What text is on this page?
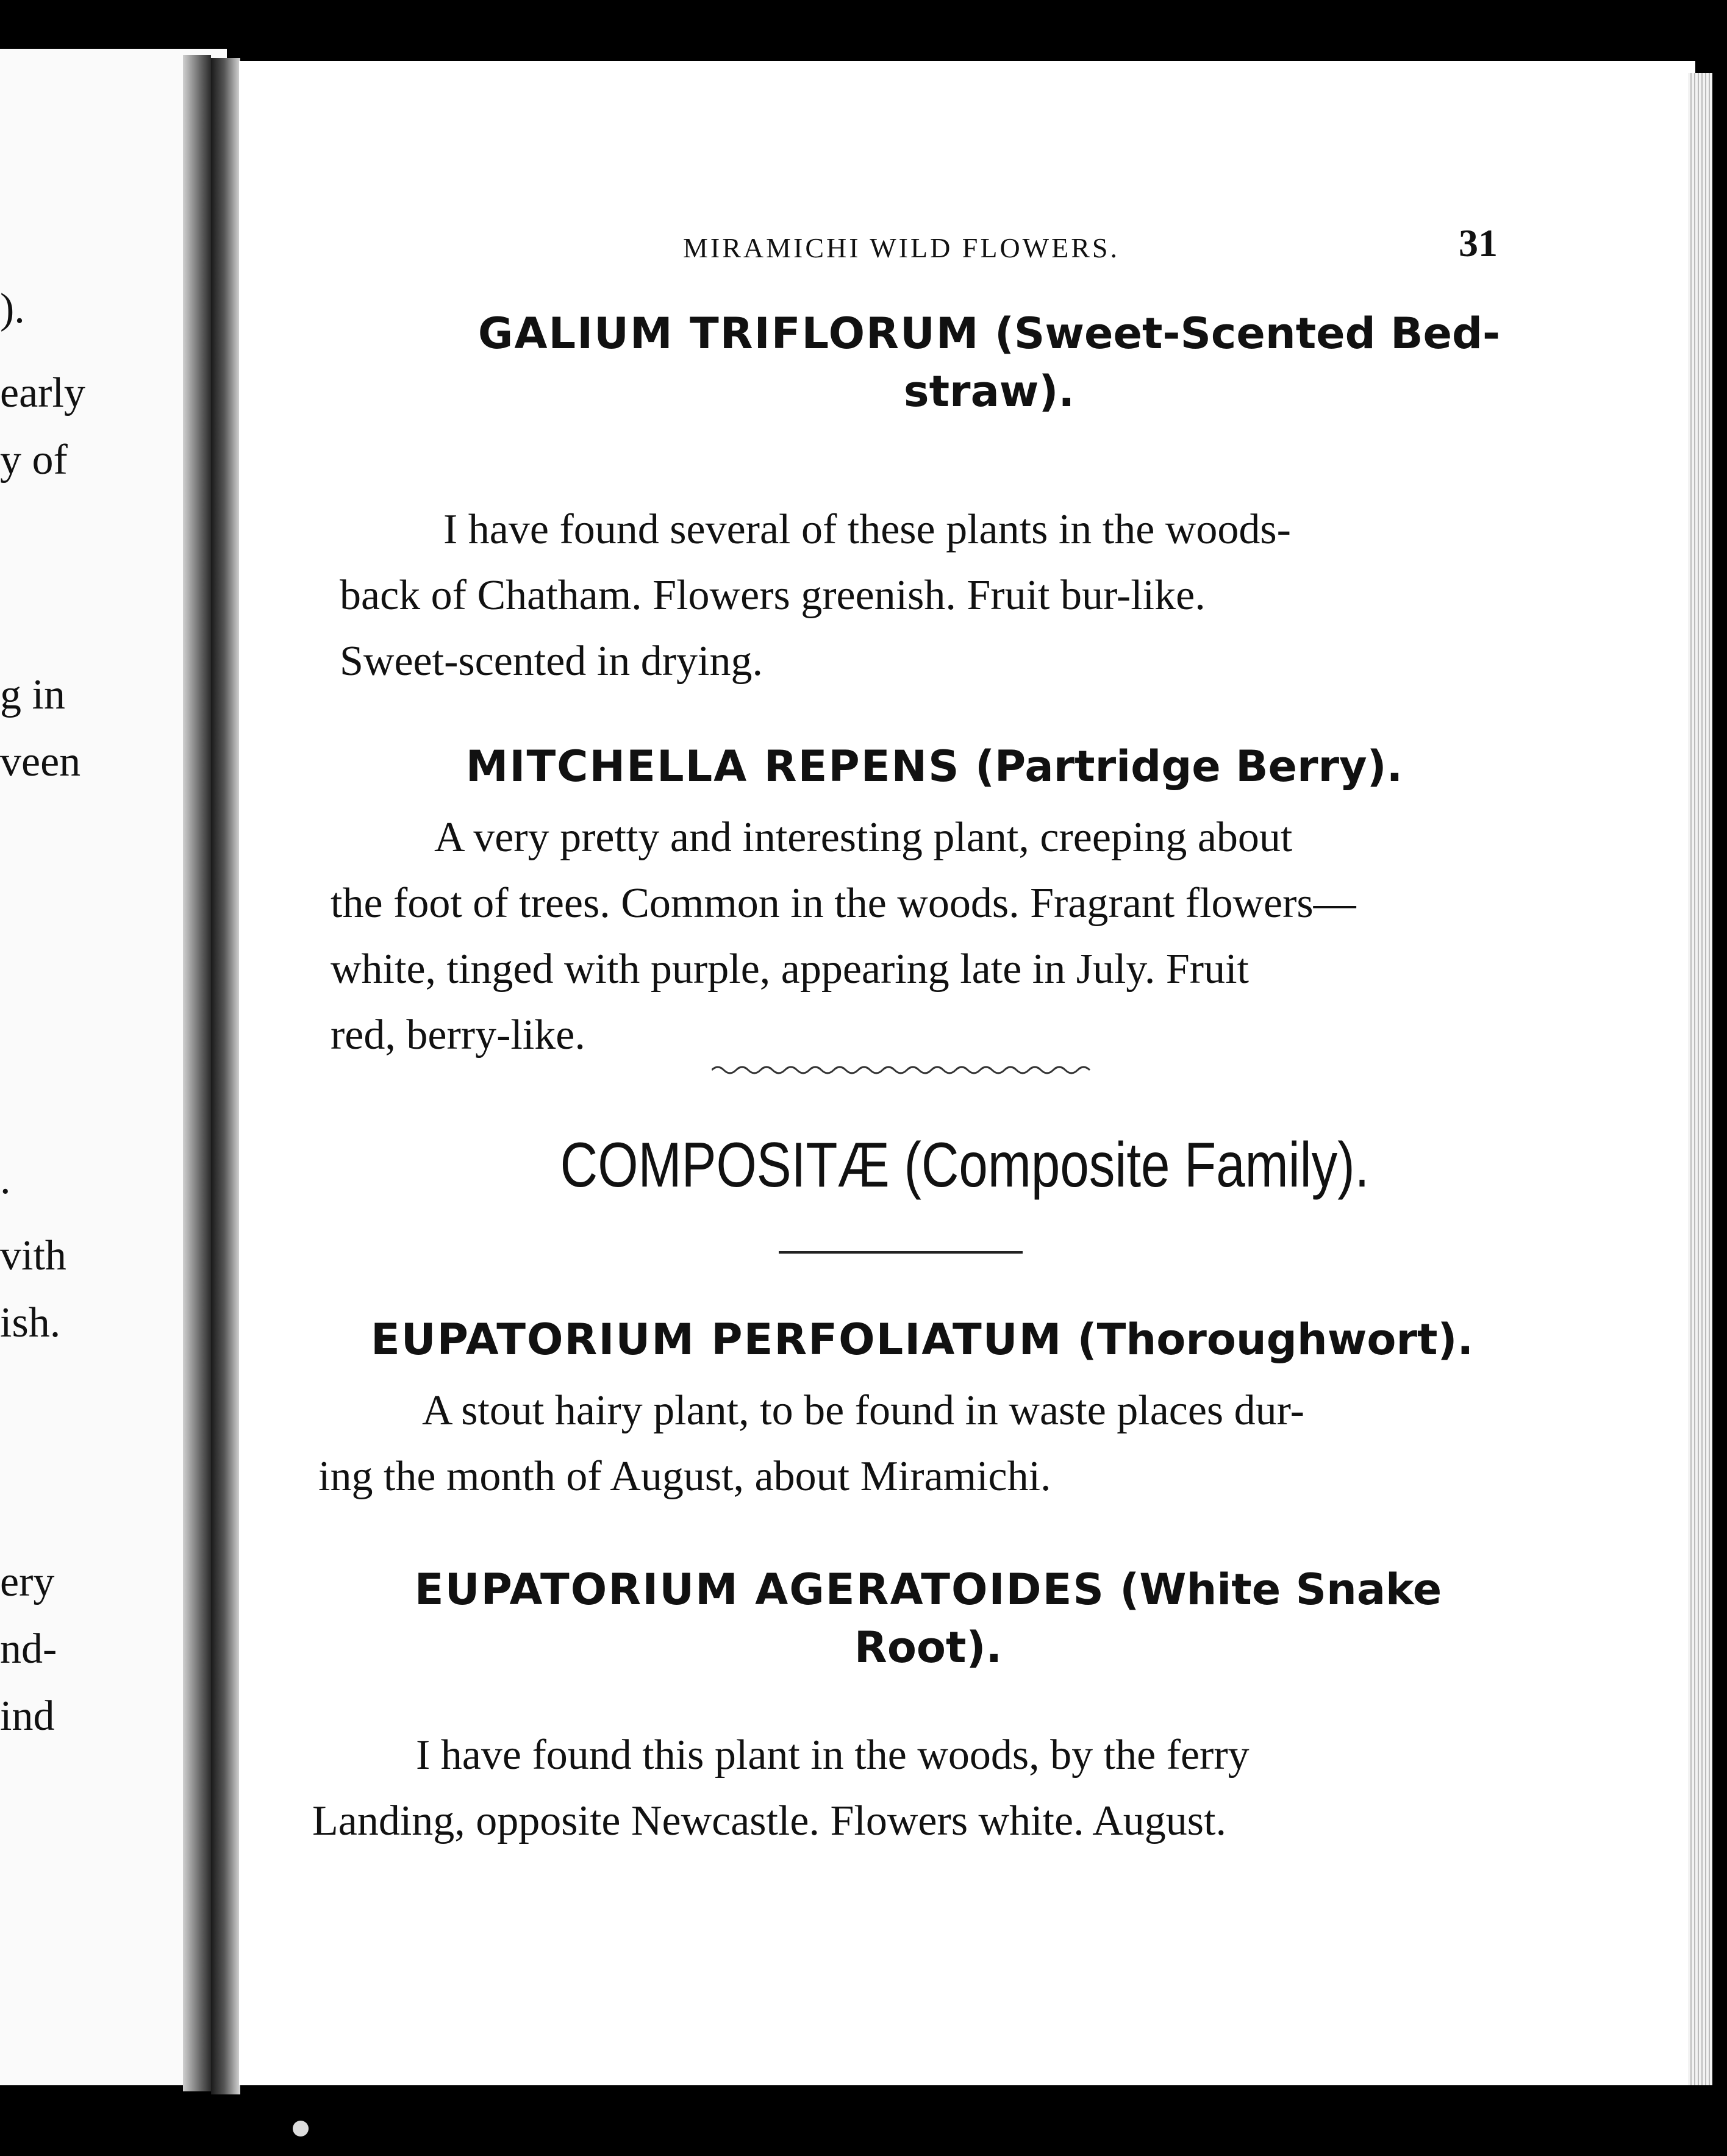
).
early
y of
g in
veen
.
vith
ish.
ery
nd-
ind
MIRAMICHI WILD FLOWERS.	31
GALIUM TRIFLORUM (Sweet-Scented Bed-
straw).
I have found several of these plants in the woods-
back of Chatham. Flowers greenish. Fruit bur-like.
Sweet-scented in drying.
MITCHELLA REPENS (Partridge Berry).
A very pretty and interesting plant, creeping about
the foot of trees. Common in the woods. Fragrant flowers—
white, tinged with purple, appearing late in July. Fruit
red, berry-like.
COMPOSITÆ (Composite Family).
EUPATORIUM PERFOLIATUM (Thoroughwort).
A stout hairy plant, to be found in waste places dur-
ing the month of August, about Miramichi.
EUPATORIUM AGERATOIDES (White Snake
Root).
I have found this plant in the woods, by the ferry
Landing, opposite Newcastle. Flowers white. August.
